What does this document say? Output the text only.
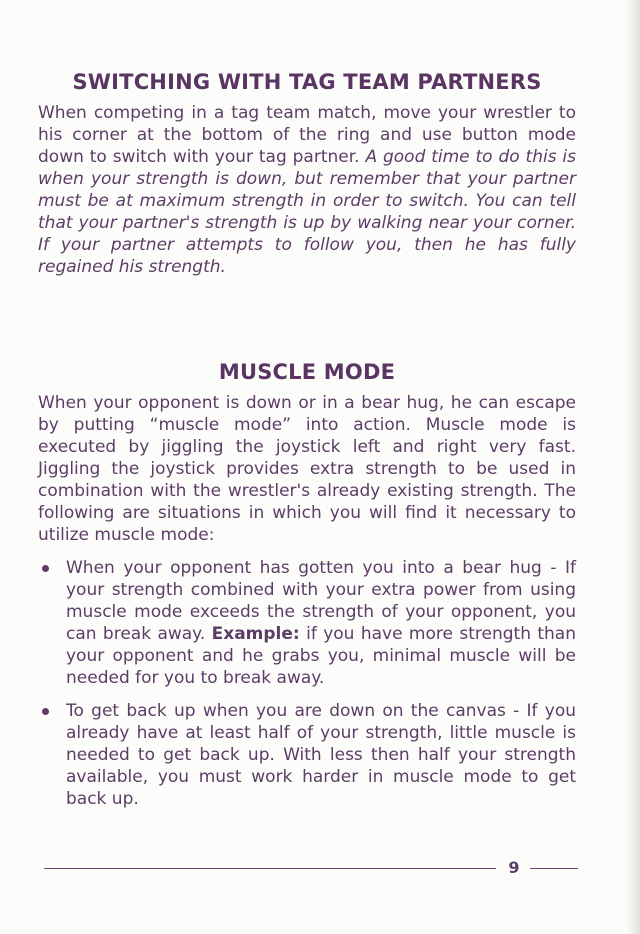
SWITCHING WITH TAG TEAM PARTNERS

When competing in a tag team match, move your wrestler to his corner at the bottom of the ring and use button mode down to switch with your tag partner. A good time to do this is when your strength is down, but remember that your partner must be at maximum strength in order to switch. You can tell that your partner's strength is up by walking near your corner. If your partner attempts to follow you, then he has fully regained his strength.

MUSCLE MODE

When your opponent is down or in a bear hug, he can escape by putting “muscle mode” into action. Muscle mode is executed by jiggling the joystick left and right very fast. Jiggling the joystick provides extra strength to be used in combination with the wrestler's already existing strength. The following are situations in which you will find it necessary to utilize muscle mode:

When your opponent has gotten you into a bear hug - If your strength combined with your extra power from using muscle mode exceeds the strength of your opponent, you can break away. Example: if you have more strength than your opponent and he grabs you, minimal muscle will be needed for you to break away.
To get back up when you are down on the canvas - If you already have at least half of your strength, little muscle is needed to get back up. With less then half your strength available, you must work harder in muscle mode to get back up.
9
